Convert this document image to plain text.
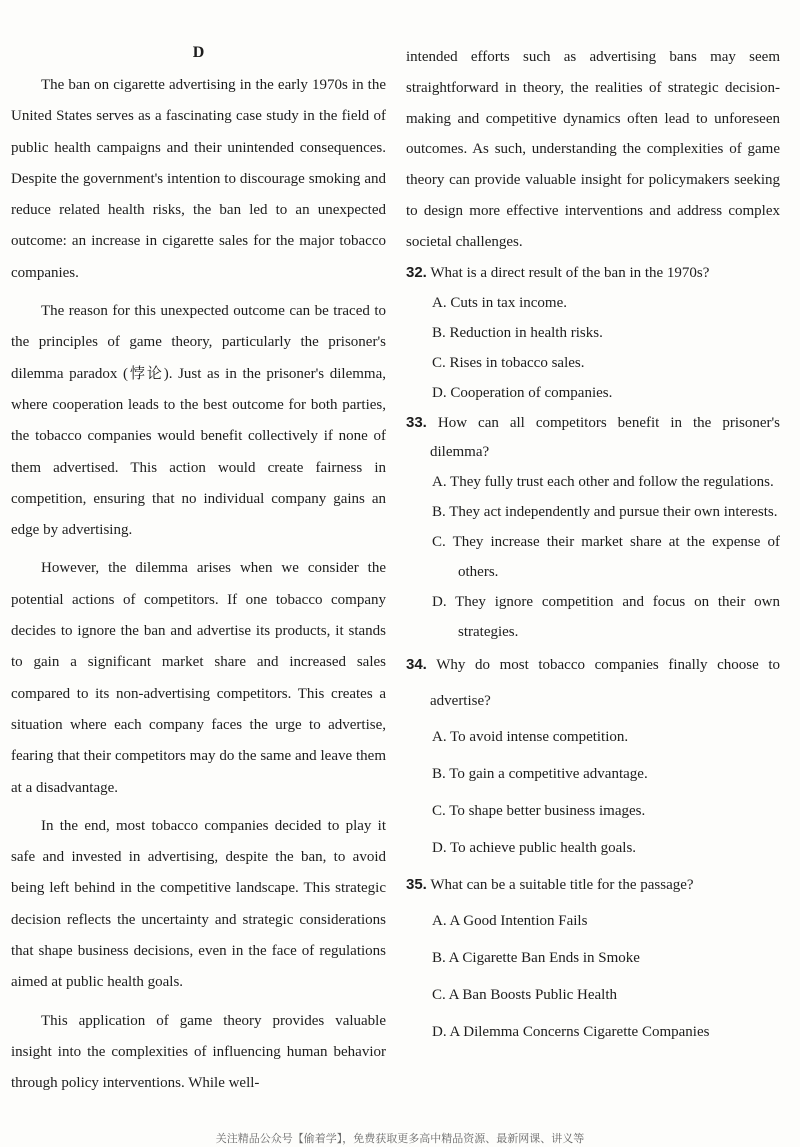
D

The ban on cigarette advertising in the early 1970s in the United States serves as a fascinating case study in the field of public health campaigns and their unintended consequences. Despite the government's intention to discourage smoking and reduce related health risks, the ban led to an unexpected outcome: an increase in cigarette sales for the major tobacco companies.

The reason for this unexpected outcome can be traced to the principles of game theory, particularly the prisoner's dilemma paradox (悖论). Just as in the prisoner's dilemma, where cooperation leads to the best outcome for both parties, the tobacco companies would benefit collectively if none of them advertised. This action would create fairness in competition, ensuring that no individual company gains an edge by advertising.

However, the dilemma arises when we consider the potential actions of competitors. If one tobacco company decides to ignore the ban and advertise its products, it stands to gain a significant market share and increased sales compared to its non-advertising competitors. This creates a situation where each company faces the urge to advertise, fearing that their competitors may do the same and leave them at a disadvantage.

In the end, most tobacco companies decided to play it safe and invested in advertising, despite the ban, to avoid being left behind in the competitive landscape. This strategic decision reflects the uncertainty and strategic considerations that shape business decisions, even in the face of regulations aimed at public health goals.

This application of game theory provides valuable insight into the complexities of influencing human behavior through policy interventions. While well-

intended efforts such as advertising bans may seem straightforward in theory, the realities of strategic decision-making and competitive dynamics often lead to unforeseen outcomes. As such, understanding the complexities of game theory can provide valuable insight for policymakers seeking to design more effective interventions and address complex societal challenges.

32. What is a direct result of the ban in the 1970s?

A. Cuts in tax income.

B. Reduction in health risks.

C. Rises in tobacco sales.

D. Cooperation of companies.

33. How can all competitors benefit in the prisoner's dilemma?

A. They fully trust each other and follow the regulations.

B. They act independently and pursue their own interests.

C. They increase their market share at the expense of others.

D. They ignore competition and focus on their own strategies.

34. Why do most tobacco companies finally choose to advertise?

A. To avoid intense competition.

B. To gain a competitive advantage.

C. To shape better business images.

D. To achieve public health goals.

35. What can be a suitable title for the passage?

A. A Good Intention Fails

B. A Cigarette Ban Ends in Smoke

C. A Ban Boosts Public Health

D. A Dilemma Concerns Cigarette Companies

关注精品公众号【偷着学】，免费获取更多高中精品资源、最新网课、讲义等
